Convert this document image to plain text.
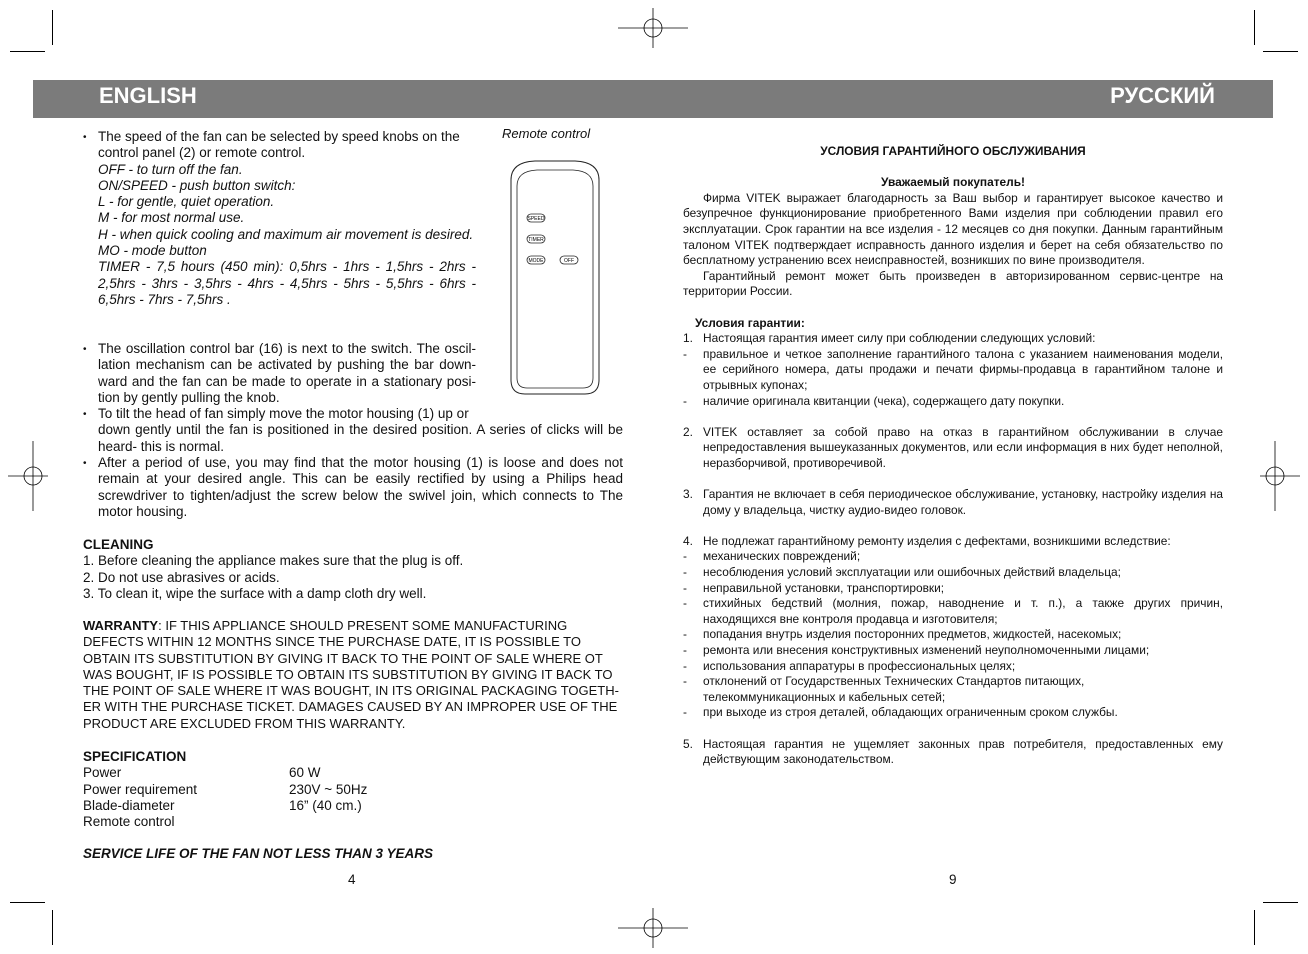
ENGLISH	РУССКИЙ
• The speed of the fan can be selected by speed knobs on the
control panel (2) or remote control.
OFF - to turn off the fan.
ON/SPEED - push button switch:
L - for gentle, quiet operation.
M - for most normal use.
H - when quick cooling and maximum air movement is desired.
MO - mode button
TIMER - 7,5 hours (450 min): 0,5hrs - 1hrs - 1,5hrs - 2hrs - 2,5hrs - 3hrs - 3,5hrs - 4hrs - 4,5hrs - 5hrs - 5,5hrs - 6hrs - 6,5hrs - 7hrs - 7,5hrs .
• The oscillation control bar (16) is next to the switch. The oscil-lation mechanism can be activated by pushing the bar down-ward and the fan can be made to operate in a stationary posi-tion by gently pulling the knob.
• To tilt the head of fan simply move the motor housing (1) up or
down gently until the fan is positioned in the desired position. A series of clicks will be heard- this is normal.
• After a period of use, you may find that the motor housing (1) is loose and does not remain at your desired angle. This can be easily rectified by using a Philips head screwdriver to tighten/adjust the screw below the swivel join, which connects to The motor housing.
CLEANING
1. Before cleaning the appliance makes sure that the plug is off.
2. Do not use abrasives or acids.
3. To clean it, wipe the surface with a damp cloth dry well.
WARRANTY: IF THIS APPLIANCE SHOULD PRESENT SOME MANUFACTURING DEFECTS WITHIN 12 MONTHS SINCE THE PURCHASE DATE, IT IS POSSIBLE TO OBTAIN ITS SUBSTITUTION BY GIVING IT BACK TO THE POINT OF SALE WHERE OT WAS BOUGHT, IF IS POSSIBLE TO OBTAIN ITS SUBSTITUTION BY GIVING IT BACK TO THE POINT OF SALE WHERE IT WAS BOUGHT, IN ITS ORIGINAL PACKAGING TOGETH-ER WITH THE PURCHASE TICKET. DAMAGES CAUSED BY AN IMPROPER USE OF THE PRODUCT ARE EXCLUDED FROM THIS WARRANTY.
SPECIFICATION
Power	60 W
Power requirement	230V ~ 50Hz
Blade-diameter	16” (40 cm.)
Remote control
SERVICE LIFE OF THE FAN NOT LESS THAN 3 YEARS
4
Remote control
SPEED
TIMER
MODE	OFF
УСЛОВИЯ ГАРАНТИЙНОГО ОБСЛУЖИВАНИЯ
Уважаемый покупатель!
Фирма VITEK выражает благодарность за Ваш выбор и гарантирует высокое качество и безупречное функционирование приобретенного Вами изделия при соблюдении правил его эксплуатации. Срок гарантии на все изделия - 12 месяцев со дня покупки. Данным гарантийным талоном VITEK подтверждает исправность данного изделия и берет на себя обязательство по бесплатному устранению всех неисправностей, возникших по вине производителя.
Гарантийный ремонт может быть произведен в авторизированном сервис-центре на территории России.
Условия гарантии:
1. Настоящая гарантия имеет силу при соблюдении следующих условий:
-	правильное и четкое заполнение гарантийного талона с указанием наименования модели, ее серийного номера, даты продажи и печати фирмы-продавца в гарантийном талоне и отрывных купонах;
-	наличие оригинала квитанции (чека), содержащего дату покупки.
2. VITEK оставляет за собой право на отказ в гарантийном обслуживании в случае непредоставления вышеуказанных документов, или если информация в них будет неполной, неразборчивой, противоречивой.
3. Гарантия не включает в себя периодическое обслуживание, установку, настройку изделия на дому у владельца, чистку аудио-видео головок.
4. Не подлежат гарантийному ремонту изделия с дефектами, возникшими вследствие:
-	механических повреждений;
-	несоблюдения условий эксплуатации или ошибочных действий владельца;
-	неправильной установки, транспортировки;
-	стихийных бедствий (молния, пожар, наводнение и т. п.), а также других причин, находящихся вне контроля продавца и изготовителя;
-	попадания внутрь изделия посторонних предметов, жидкостей, насекомых;
-	ремонта или внесения конструктивных изменений неуполномоченными лицами;
-	использования аппаратуры в профессиональных целях;
-	отклонений от Государственных Технических Стандартов питающих, телекоммуникационных и кабельных сетей;
-	при выходе из строя деталей, обладающих ограниченным сроком службы.
5. Настоящая гарантия не ущемляет законных прав потребителя, предоставленных ему действующим законодательством.
9
